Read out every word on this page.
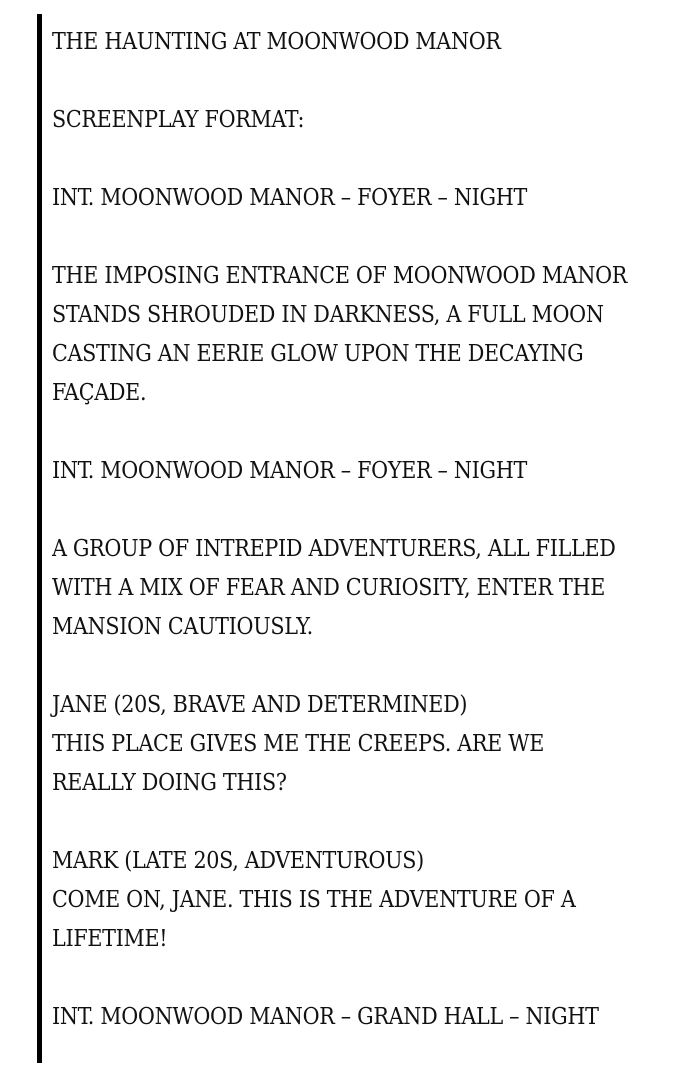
THE HAUNTING AT MOONWOOD MANOR

SCREENPLAY FORMAT:

INT. MOONWOOD MANOR – FOYER – NIGHT

THE IMPOSING ENTRANCE OF MOONWOOD MANOR
STANDS SHROUDED IN DARKNESS, A FULL MOON
CASTING AN EERIE GLOW UPON THE DECAYING
FAÇADE.

INT. MOONWOOD MANOR – FOYER – NIGHT

A GROUP OF INTREPID ADVENTURERS, ALL FILLED
WITH A MIX OF FEAR AND CURIOSITY, ENTER THE
MANSION CAUTIOUSLY.

JANE (20S, BRAVE AND DETERMINED)
THIS PLACE GIVES ME THE CREEPS. ARE WE
REALLY DOING THIS?

MARK (LATE 20S, ADVENTUROUS)
COME ON, JANE. THIS IS THE ADVENTURE OF A
LIFETIME!

INT. MOONWOOD MANOR – GRAND HALL – NIGHT
